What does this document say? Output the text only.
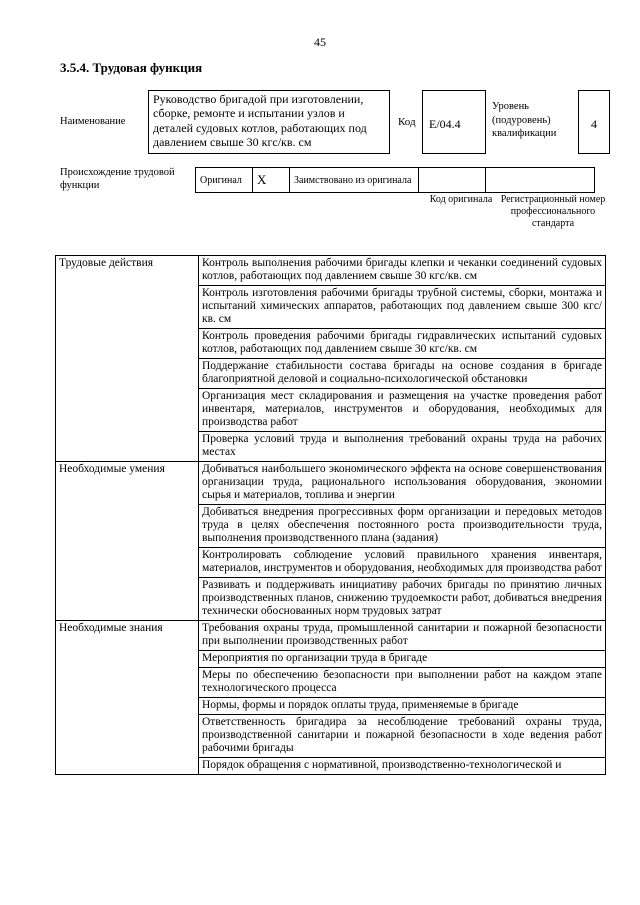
45
3.5.4. Трудовая функция
Наименование
Руководство бригадой при изготовлении, сборке, ремонте и испытании узлов и деталей судовых котлов, работающих под давлением свыше 30 кгс/кв. см
Код	E/04.4
Уровень (подуровень) квалификации
4
Происхождение трудовой функции	Оригинал	X	Заимствовано из оригинала		
Код оригинала Регистрационный номер профессионального стандарта
Трудовые действия	Контроль выполнения рабочими бригады клепки и чеканки соединений судовых котлов, работающих под давлением свыше 30 кгс/кв. см
	Контроль изготовления рабочими бригады трубной системы, сборки, монтажа и испытаний химических аппаратов, работающих под давлением свыше 300 кгс/кв. см
	Контроль проведения рабочими бригады гидравлических испытаний судовых котлов, работающих под давлением свыше 30 кгс/кв. см
	Поддержание стабильности состава бригады на основе создания в бригаде благоприятной деловой и социально-психологической обстановки
	Организация мест складирования и размещения на участке проведения работ инвентаря, материалов, инструментов и оборудования, необходимых для производства работ
	Проверка условий труда и выполнения требований охраны труда на рабочих местах
Необходимые умения	Добиваться наибольшего экономического эффекта на основе совершенствования организации труда, рационального использования оборудования, экономии сырья и материалов, топлива и энергии
	Добиваться внедрения прогрессивных форм организации и передовых методов труда в целях обеспечения постоянного роста производительности труда, выполнения производственного плана (задания)
	Контролировать соблюдение условий правильного хранения инвентаря, материалов, инструментов и оборудования, необходимых для производства работ
	Развивать и поддерживать инициативу рабочих бригады по принятию личных производственных планов, снижению трудоемкости работ, добиваться внедрения технически обоснованных норм трудовых затрат
Необходимые знания	Требования охраны труда, промышленной санитарии и пожарной безопасности при выполнении производственных работ
	Мероприятия по организации труда в бригаде
	Меры по обеспечению безопасности при выполнении работ на каждом этапе технологического процесса
	Нормы, формы и порядок оплаты труда, применяемые в бригаде
	Ответственность бригадира за несоблюдение требований охраны труда, производственной санитарии и пожарной безопасности в ходе ведения работ рабочими бригады
	Порядок обращения с нормативной, производственно-технологической и
